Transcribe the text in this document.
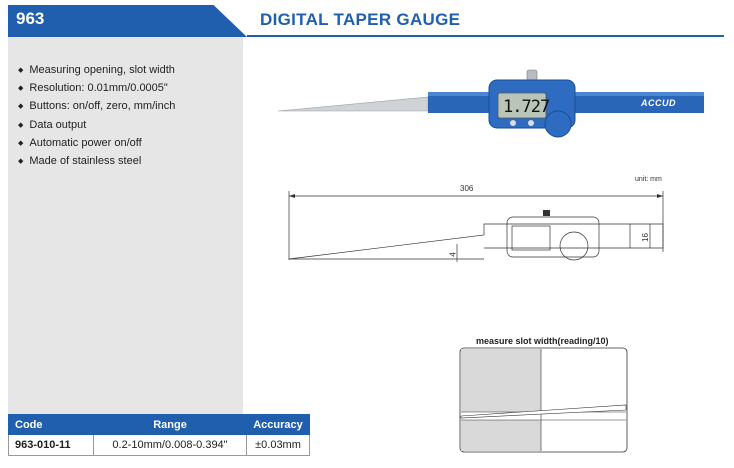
963	DIGITAL TAPER GAUGE
◆ Measuring opening, slot width
◆ Resolution: 0.01mm/0.0005"
◆ Buttons: on/off, zero, mm/inch
◆ Data output
◆ Automatic power on/off
◆ Made of stainless steel
1.727	ACCUD
unit: mm
306
16
4
measure slot width(reading/10)
Code	Range	Accuracy
963-010-11	0.2-10mm/0.008-0.394"	±0.03mm
